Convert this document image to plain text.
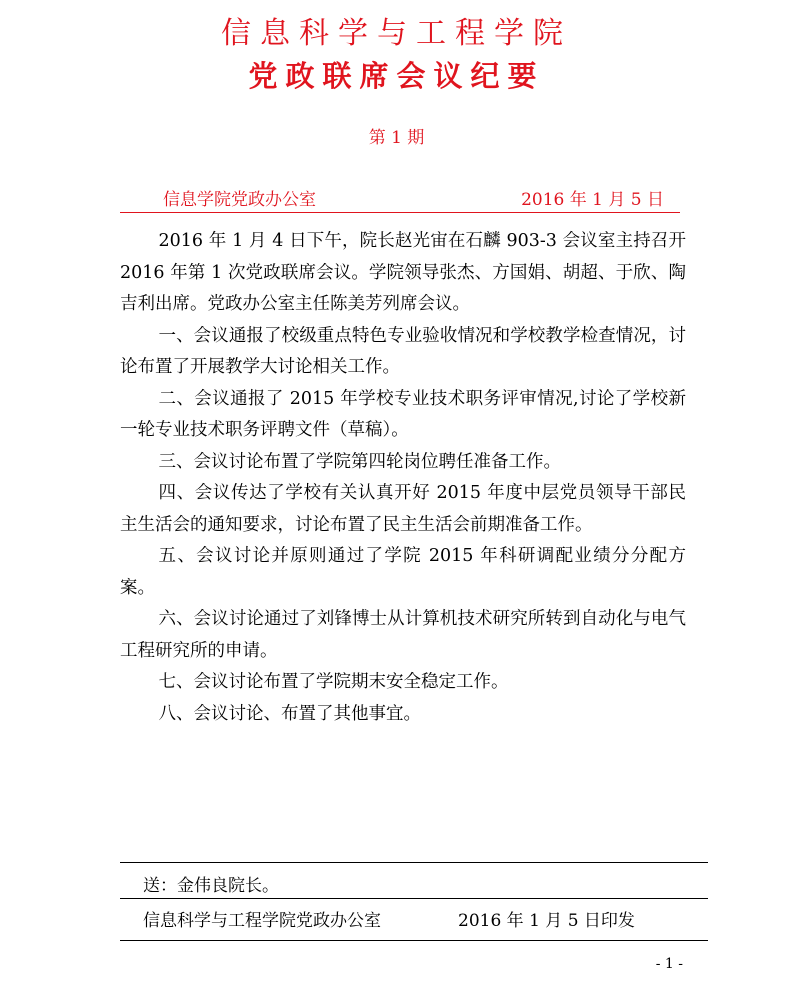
信息科学与工程学院
党政联席会议纪要
第 1 期
信息学院党政办公室	2016 年 1 月 5 日

2016 年 1 月 4 日下午，院长赵光宙在石麟 903-3 会议室主持召开 2016 年第 1 次党政联席会议。学院领导张杰、方国娟、胡超、于欣、陶吉利出席。党政办公室主任陈美芳列席会议。

一、会议通报了校级重点特色专业验收情况和学校教学检查情况，讨论布置了开展教学大讨论相关工作。

二、会议通报了 2015 年学校专业技术职务评审情况,讨论了学校新一轮专业技术职务评聘文件（草稿）。

三、会议讨论布置了学院第四轮岗位聘任准备工作。

四、会议传达了学校有关认真开好 2015 年度中层党员领导干部民主生活会的通知要求，讨论布置了民主生活会前期准备工作。

五、会议讨论并原则通过了学院 2015 年科研调配业绩分分配方案。

六、会议讨论通过了刘锋博士从计算机技术研究所转到自动化与电气工程研究所的申请。

七、会议讨论布置了学院期末安全稳定工作。

八、会议讨论、布置了其他事宜。

送：金伟良院长。
信息科学与工程学院党政办公室	2016 年 1 月 5 日印发
- 1 -
